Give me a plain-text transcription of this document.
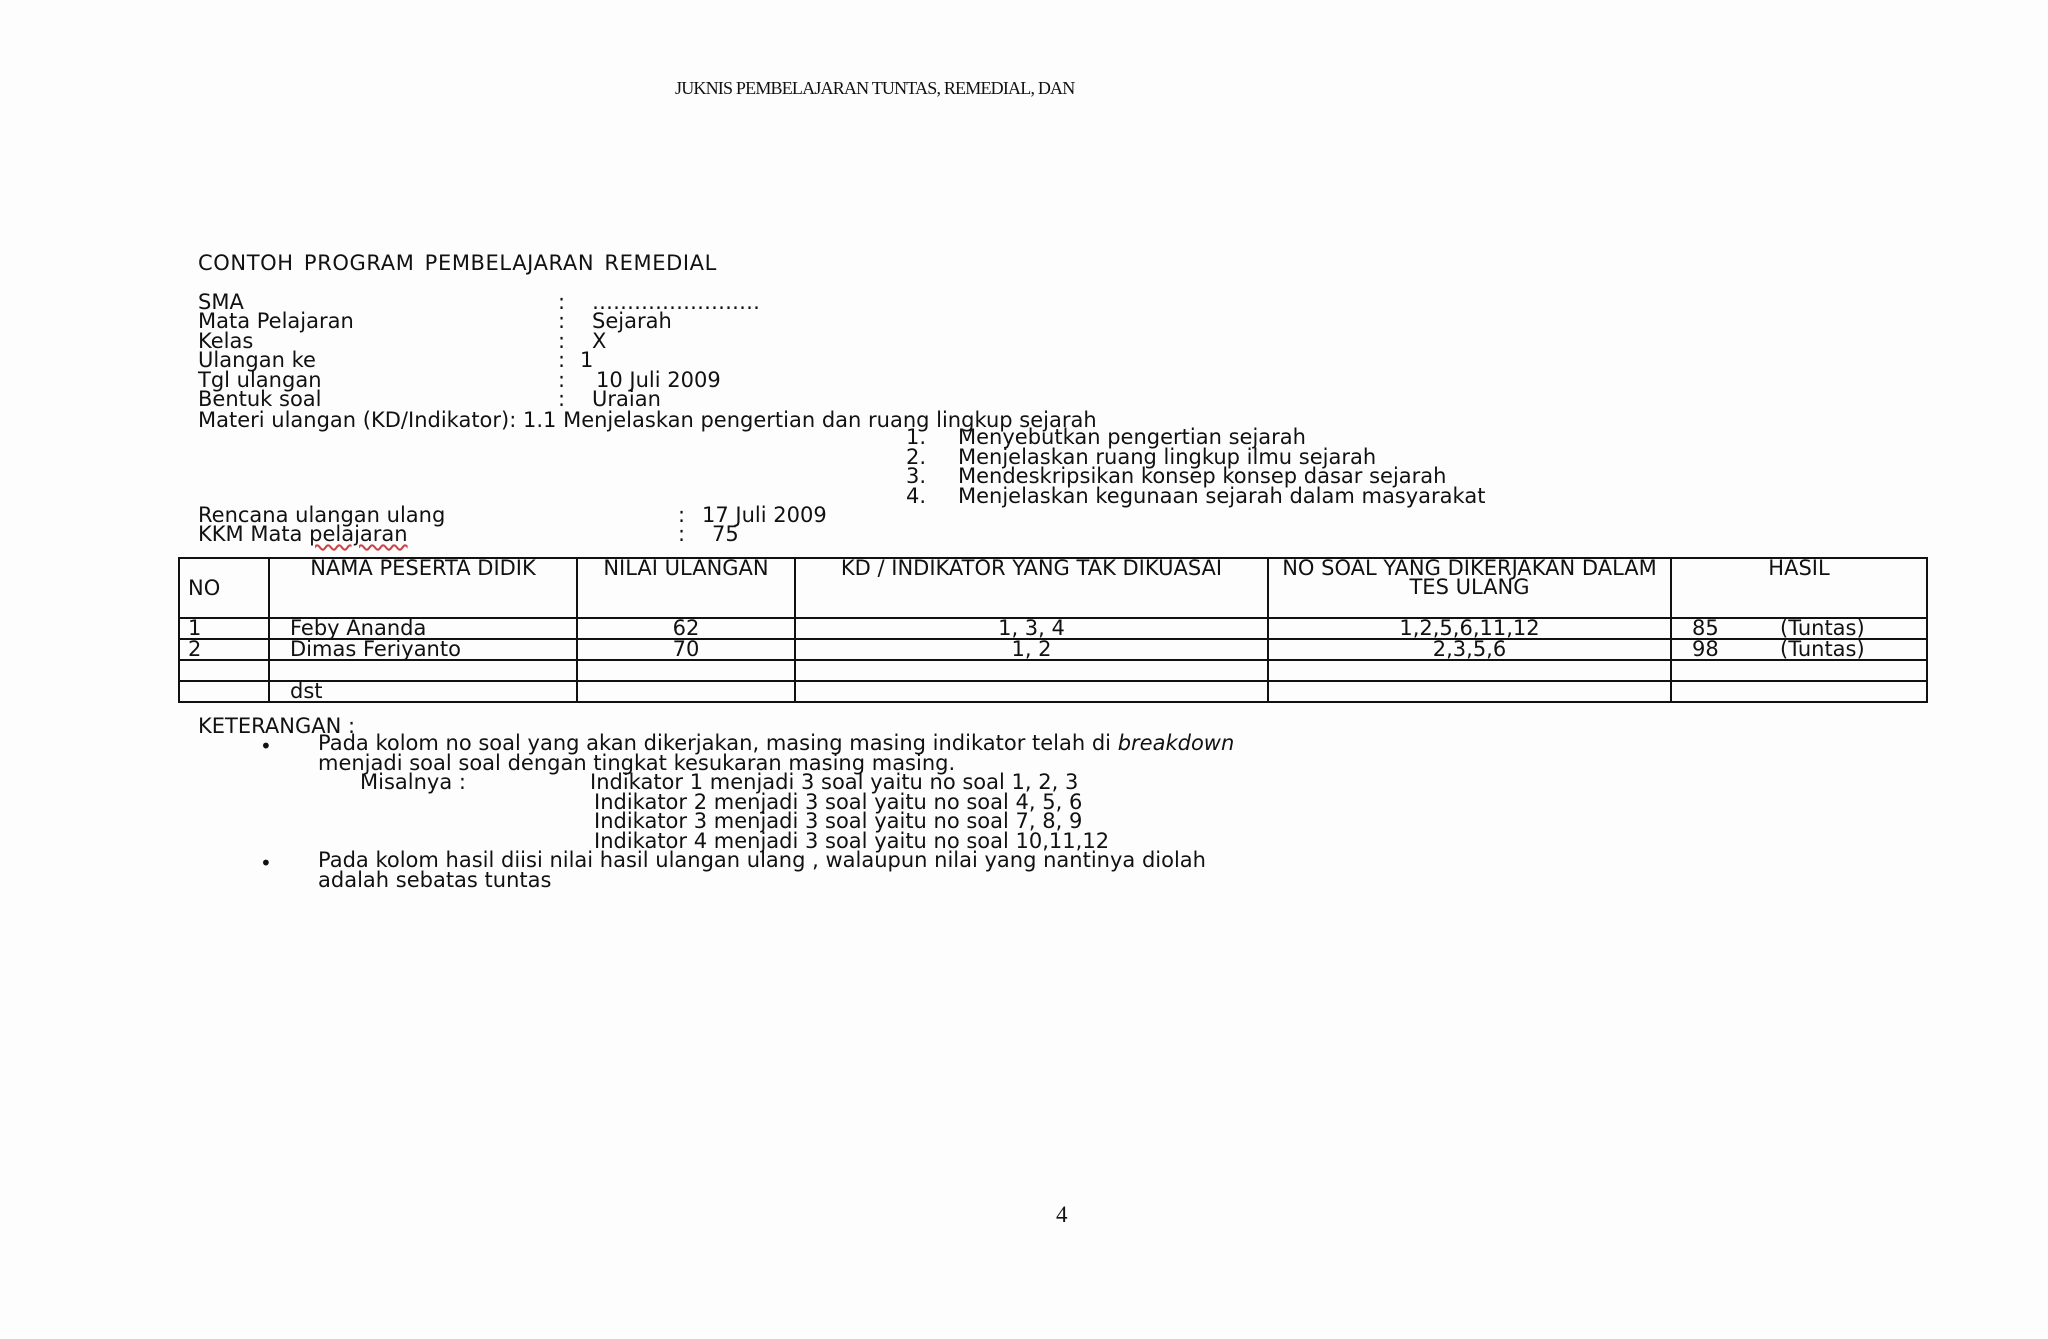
JUKNIS PEMBELAJARAN TUNTAS, REMEDIAL, DAN
CONTOH PROGRAM PEMBELAJARAN REMEDIAL
SMA	: ……………………
Mata Pelajaran	: Sejarah
Kelas	: X
Ulangan ke	: 1
Tgl ulangan	: 10 Juli 2009
Bentuk soal	: Uraian
Materi ulangan (KD/Indikator): 1.1 Menjelaskan pengertian dan ruang lingkup sejarah
1. Menyebutkan pengertian sejarah
2. Menjelaskan ruang lingkup ilmu sejarah
3. Mendeskripsikan konsep konsep dasar sejarah
4. Menjelaskan kegunaan sejarah dalam masyarakat
Rencana ulangan ulang	: 17 Juli 2009
KKM Mata pelajaran	: 75
NO	NAMA PESERTA DIDIK	NILAI ULANGAN	KD / INDIKATOR YANG TAK DIKUASAI	NO SOAL YANG DIKERJAKAN DALAM TES ULANG	HASIL
1	Feby Ananda	62	1, 3, 4	1,2,5,6,11,12	85 (Tuntas)
2	Dimas Feriyanto	70	1, 2	2,3,5,6	98 (Tuntas)

	dst				
KETERANGAN :
• Pada kolom no soal yang akan dikerjakan, masing masing indikator telah di breakdown
menjadi soal soal dengan tingkat kesukaran masing masing.
Misalnya :	Indikator 1 menjadi 3 soal yaitu no soal 1, 2, 3
Indikator 2 menjadi 3 soal yaitu no soal 4, 5, 6
Indikator 3 menjadi 3 soal yaitu no soal 7, 8, 9
Indikator 4 menjadi 3 soal yaitu no soal 10,11,12
• Pada kolom hasil diisi nilai hasil ulangan ulang , walaupun nilai yang nantinya diolah
adalah sebatas tuntas
4
